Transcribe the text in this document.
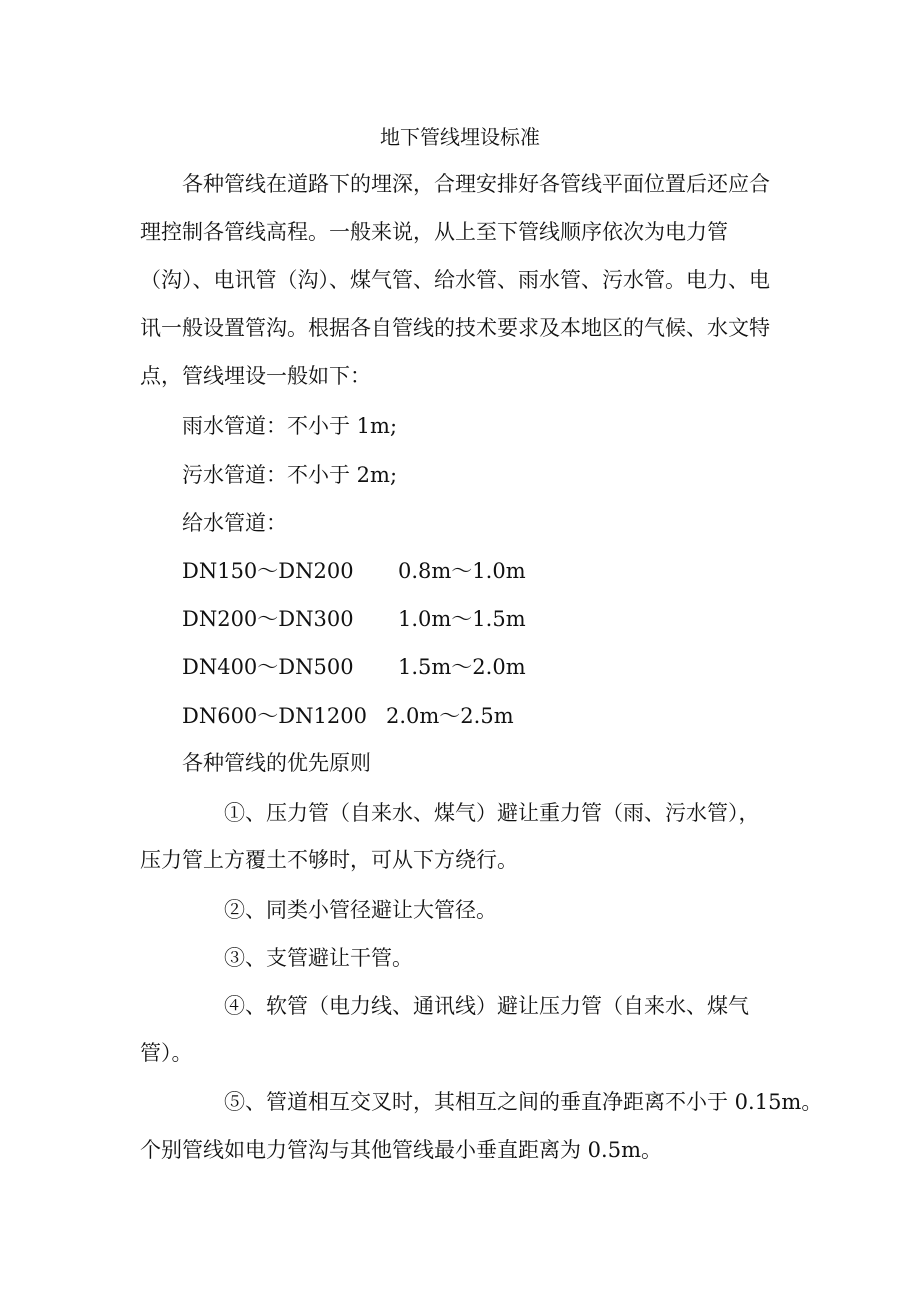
地下管线埋设标准
各种管线在道路下的埋深，合理安排好各管线平面位置后还应合
理控制各管线高程。一般来说，从上至下管线顺序依次为电力管
（沟）、电讯管（沟）、煤气管、给水管、雨水管、污水管。电力、电
讯一般设置管沟。根据各自管线的技术要求及本地区的气候、水文特
点，管线埋设一般如下：
雨水管道：不小于 1m;
污水管道：不小于 2m;
给水管道：
DN150～DN200 0.8m～1.0m
DN200～DN300 1.0m～1.5m
DN400～DN500 1.5m～2.0m
DN600～DN1200 2.0m～2.5m
各种管线的优先原则
①、压力管（自来水、煤气）避让重力管（雨、污水管），
压力管上方覆土不够时，可从下方绕行。
②、同类小管径避让大管径。
③、支管避让干管。
④、软管（电力线、通讯线）避让压力管（自来水、煤气
管）。
⑤、管道相互交叉时，其相互之间的垂直净距离不小于 0.15m。
个别管线如电力管沟与其他管线最小垂直距离为 0.5m。
